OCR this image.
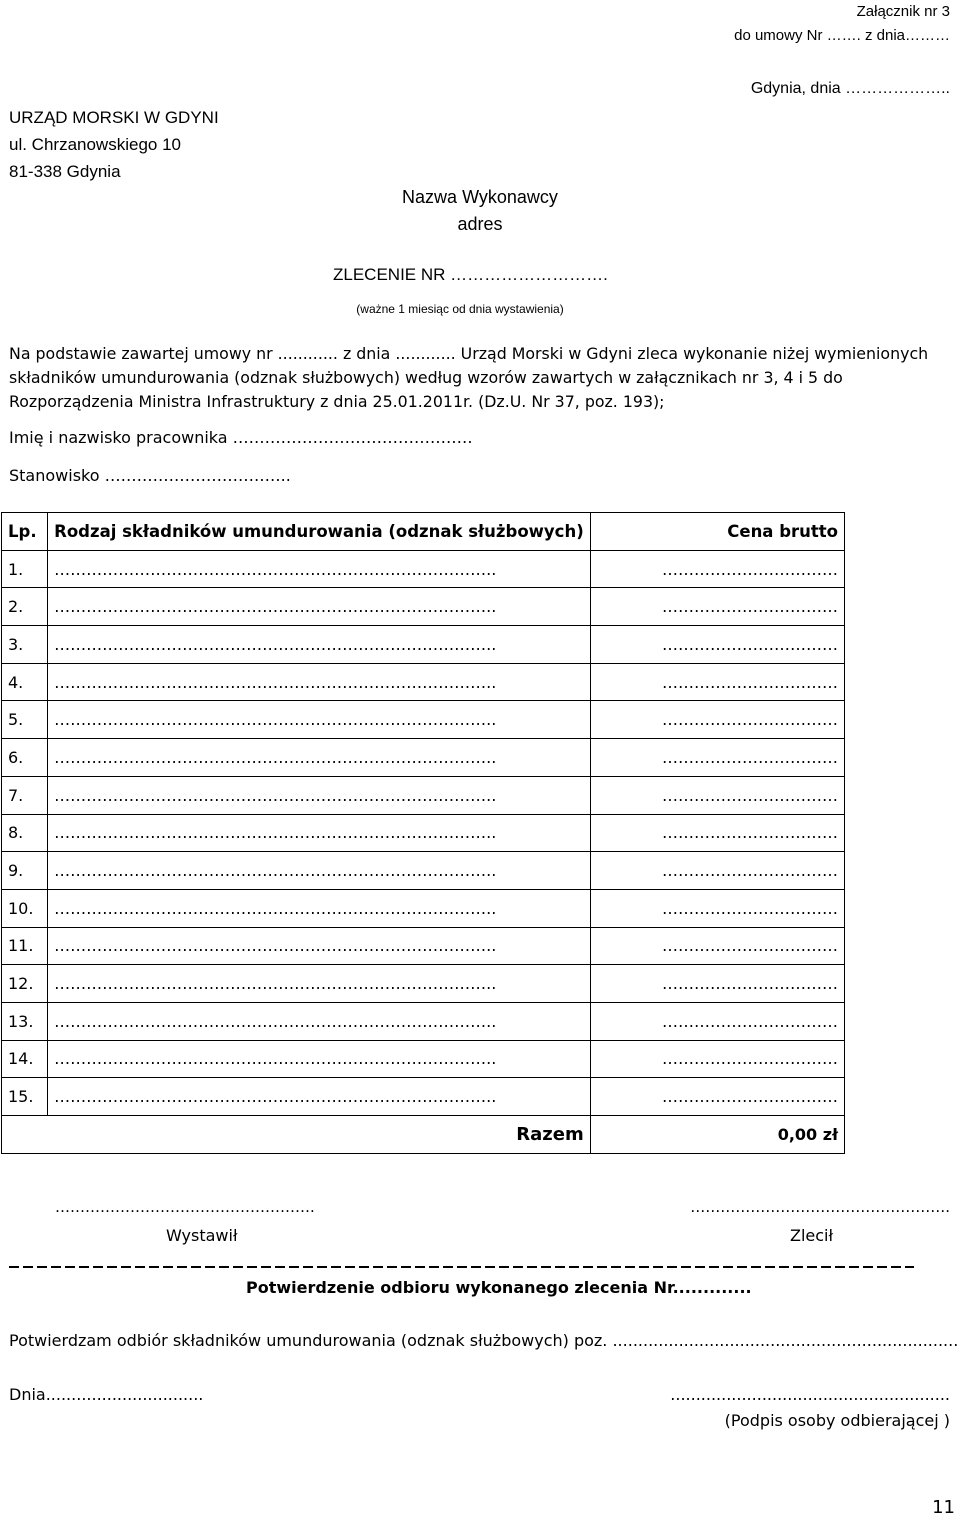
Załącznik nr 3
do umowy Nr ……. z dnia………
Gdynia, dnia ………………..
URZĄD MORSKI W GDYNI
ul. Chrzanowskiego 10
81-338 Gdynia
Nazwa Wykonawcy
adres
ZLECENIE NR ……………………….
(ważne 1 miesiąc od dnia wystawienia)
Na podstawie zawartej umowy nr ............ z dnia ............ Urząd Morski w Gdyni zleca wykonanie niżej wymienionych składników umundurowania (odznak służbowych) według wzorów zawartych w załącznikach nr 3, 4 i 5 do Rozporządzenia Ministra Infrastruktury z dnia 25.01.2011r. (Dz.U. Nr 37, poz. 193);
Imię i nazwisko pracownika ………………………………………
Stanowisko ……………………………..
Lp.	Rodzaj składników umundurowania (odznak służbowych)	Cena brutto
1.	………………………………………………………………………..	……………………………
2.	………………………………………………………………………..	……………………………
3.	………………………………………………………………………..	……………………………
4.	………………………………………………………………………..	……………………………
5.	………………………………………………………………………..	……………………………
6.	………………………………………………………………………..	……………………………
7.	………………………………………………………………………..	……………………………
8.	………………………………………………………………………..	……………………………
9.	………………………………………………………………………..	……………………………
10.	………………………………………………………………………..	……………………………
11.	………………………………………………………………………..	……………………………
12.	………………………………………………………………………..	……………………………
13.	………………………………………………………………………..	……………………………
14.	………………………………………………………………………..	……………………………
15.	………………………………………………………………………..	……………………………
Razem		0,00 zł
…………………………………………….	…………………………………………….
Wystawił	Zlecił
Potwierdzenie odbioru wykonanego zlecenia Nr.............
Potwierdzam odbiór składników umundurowania (odznak służbowych) poz. ....................................................................
Dnia...............................	.......................................................
(Podpis osoby odbierającej )
11
